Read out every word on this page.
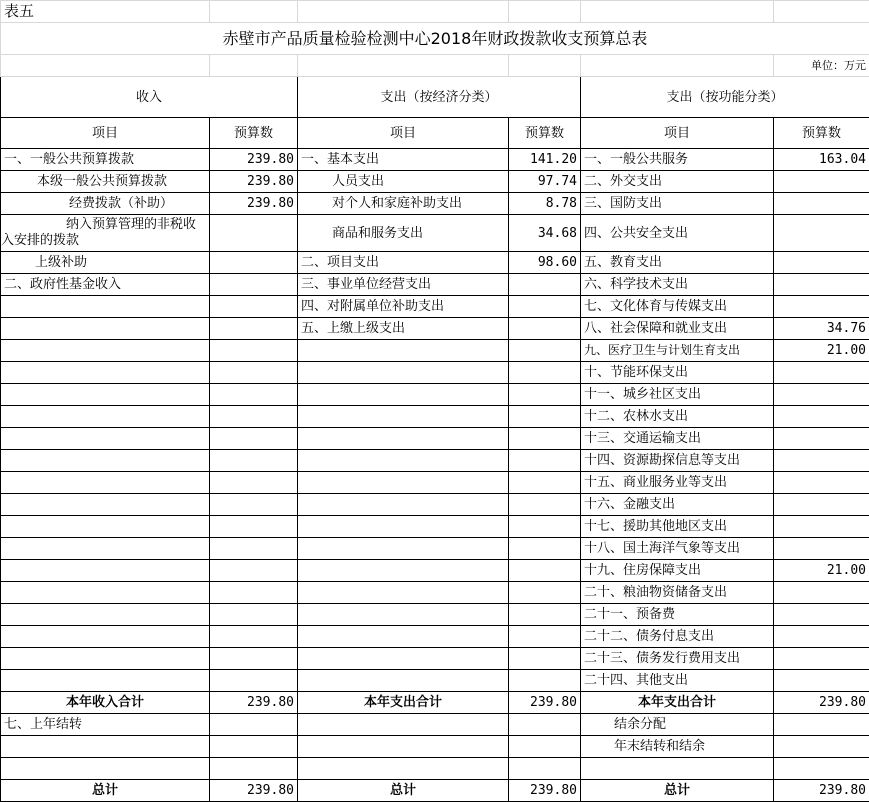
表五					
赤壁市产品质量检验检测中心2018年财政拨款收支预算总表					
					单位：万元
收入		支出（按经济分类）		支出（按功能分类）	
项目	预算数	项目	预算数	项目	预算数
一、一般公共预算拨款	239.80	一、基本支出	141.20	一、一般公共服务	163.04
本级一般公共预算拨款	239.80	人员支出	97.74	二、外交支出	
经费拨款（补助）	239.80	对个人和家庭补助支出	8.78	三、国防支出	

纳入预算管理的非税收入安排的拨款		商品和服务支出	34.68	四、公共安全支出	
上级补助		二、项目支出	98.60	五、教育支出	
二、政府性基金收入		三、事业单位经营支出		六、科学技术支出	
		四、对附属单位补助支出		七、文化体育与传媒支出	
		五、上缴上级支出		八、社会保障和就业支出	34.76
				九、医疗卫生与计划生育支出	21.00
				十、节能环保支出	
				十一、城乡社区支出	
				十二、农林水支出	
				十三、交通运输支出	
				十四、资源勘探信息等支出	
				十五、商业服务业等支出	
				十六、金融支出	
				十七、援助其他地区支出	
				十八、国土海洋气象等支出	
				十九、住房保障支出	21.00
				二十、粮油物资储备支出	
				二十一、预备费	
				二十二、债务付息支出	
				二十三、债务发行费用支出	
				二十四、其他支出	
本年收入合计	239.80	本年支出合计	239.80	本年支出合计	239.80
七、上年结转				结余分配	
				年末结转和结余	

总计	239.80	总计	239.80	总计	239.80
